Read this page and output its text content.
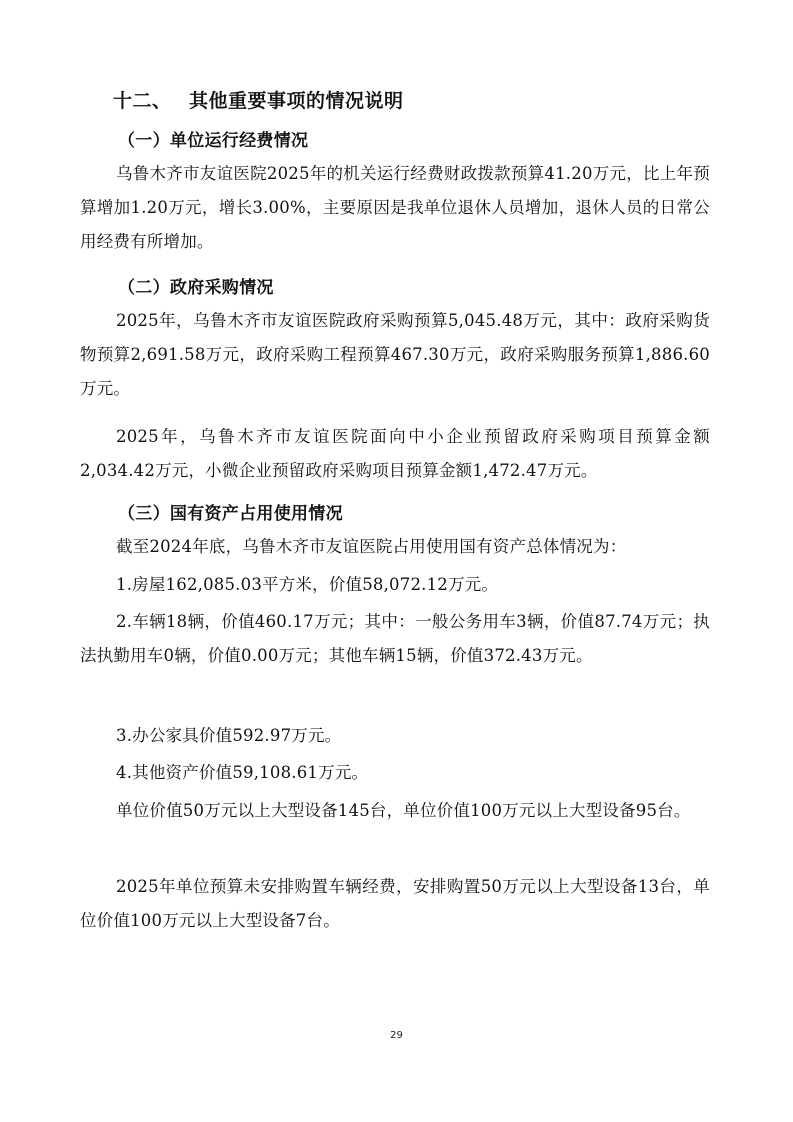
十二、 其他重要事项的情况说明
（一）单位运行经费情况
乌鲁木齐市友谊医院2025年的机关运行经费财政拨款预算41.20万元，比上年预算增加1.20万元，增长3.00%，主要原因是我单位退休人员增加，退休人员的日常公用经费有所增加。
（二）政府采购情况
2025年，乌鲁木齐市友谊医院政府采购预算5,045.48万元，其中：政府采购货物预算2,691.58万元，政府采购工程预算467.30万元，政府采购服务预算1,886.60万元。
2025年，乌鲁木齐市友谊医院面向中小企业预留政府采购项目预算金额2,034.42万元，小微企业预留政府采购项目预算金额1,472.47万元。
（三）国有资产占用使用情况
截至2024年底，乌鲁木齐市友谊医院占用使用国有资产总体情况为：
1.房屋162,085.03平方米，价值58,072.12万元。
2.车辆18辆，价值460.17万元；其中：一般公务用车3辆，价值87.74万元；执法执勤用车0辆，价值0.00万元；其他车辆15辆，价值372.43万元。
3.办公家具价值592.97万元。
4.其他资产价值59,108.61万元。
单位价值50万元以上大型设备145台，单位价值100万元以上大型设备95台。
2025年单位预算未安排购置车辆经费，安排购置50万元以上大型设备13台，单位价值100万元以上大型设备7台。
29
